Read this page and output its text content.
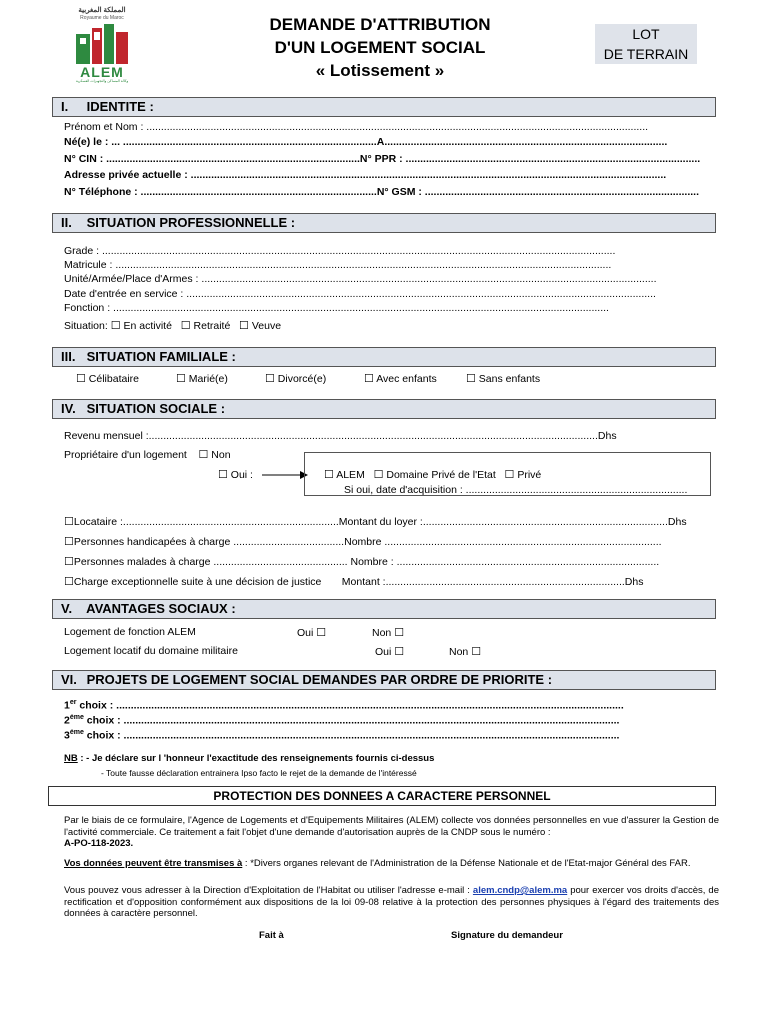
المملكة المغربية
Royaume du Maroc
ALEM
وكالة المساكن والتجهيزات العسكرية
DEMANDE D'ATTRIBUTION
D'UN LOGEMENT SOCIAL
« Lotissement »
LOT
DE TERRAIN
I. IDENTITE :
Prénom et Nom : ............................................................................................................................................................................
Né(e) le : ... .......................................................................................A.................................................................................................
N° CIN : .......................................................................................N° PPR : .....................................................................................................
Adresse privée actuelle : ...................................................................................................................................................................
N° Téléphone : .................................................................................N° GSM : ..............................................................................................
II. SITUATION PROFESSIONNELLE :
Grade : ................................................................................................................................................................................
Matricule : ..........................................................................................................................................................................
Unité/Armée/Place d'Armes : ............................................................................................................................................................
Date d'entrée en service : .................................................................................................................................................................
Fonction : ..........................................................................................................................................................................
Situation: ☐ En activité ☐ Retraité ☐ Veuve
III. SITUATION FAMILIALE :
☐ Célibataire	☐ Marié(e)	☐ Divorcé(e)	☐ Avec enfants	☐ Sans enfants
IV. SITUATION SOCIALE :
Revenu mensuel :..........................................................................................................................................................Dhs
Propriétaire d'un logement ☐ Non
☐ Oui :	☐ ALEM ☐ Domaine Privé de l'Etat ☐ Privé
Si oui, date d'acquisition : ............................................................................
☐Locataire :..........................................................................Montant du loyer :....................................................................................Dhs
☐Personnes handicapées à charge ......................................Nombre ...............................................................................................
☐Personnes malades à charge .............................................. Nombre : ..........................................................................................
☐Charge exceptionnelle suite à une décision de justice Montant :..................................................................................Dhs
V. AVANTAGES SOCIAUX :
Logement de fonction ALEM	Oui ☐	Non ☐
Logement locatif du domaine militaire	Oui ☐	Non ☐
VI. PROJETS DE LOGEMENT SOCIAL DEMANDES PAR ORDRE DE PRIORITE :
1er choix : ..............................................................................................................................................................................
2ème choix : ..........................................................................................................................................................................
3ème choix : ..........................................................................................................................................................................
NB : - Je déclare sur l 'honneur l'exactitude des renseignements fournis ci-dessus
- Toute fausse déclaration entrainera Ipso facto le rejet de la demande de l'intéressé
PROTECTION DES DONNEES A CARACTERE PERSONNEL
Par le biais de ce formulaire, l'Agence de Logements et d'Equipements Militaires (ALEM) collecte vos données personnelles en vue d'assurer la Gestion de l'activité commerciale. Ce traitement a fait l'objet d'une demande d'autorisation auprès de la CNDP sous le numéro :
A-PO-118-2023.
Vos données peuvent être transmises à : *Divers organes relevant de l'Administration de la Défense Nationale et de l'Etat-major Général des FAR.
Vous pouvez vous adresser à la Direction d'Exploitation de l'Habitat ou utiliser l'adresse e-mail : alem.cndp@alem.ma pour exercer vos droits d'accès, de rectification et d'opposition conformément aux dispositions de la loi 09-08 relative à la protection des personnes physiques à l'égard des traitements des données à caractère personnel.
Fait à	Signature du demandeur
